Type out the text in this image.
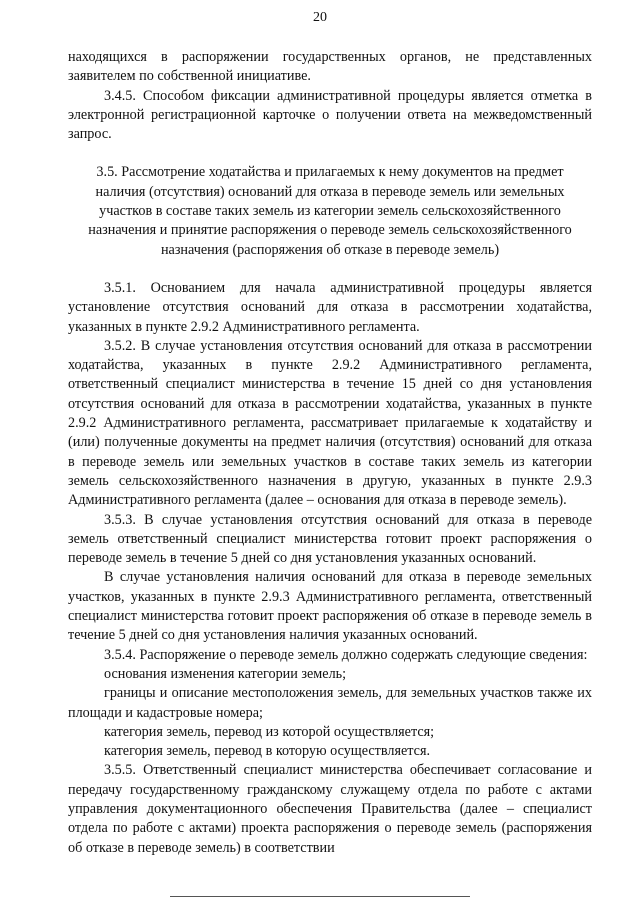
20

находящихся в распоряжении государственных органов, не представленных заявителем по собственной инициативе.

3.4.5. Способом фиксации административной процедуры является отметка в электронной регистрационной карточке о получении ответа на межведомственный запрос.

3.5. Рассмотрение ходатайства и прилагаемых к нему документов на предмет наличия (отсутствия) оснований для отказа в переводе земель или земельных участков в составе таких земель из категории земель сельскохозяйственного назначения и принятие распоряжения о переводе земель сельскохозяйственного назначения (распоряжения об отказе в переводе земель)

3.5.1. Основанием для начала административной процедуры является установление отсутствия оснований для отказа в рассмотрении ходатайства, указанных в пункте 2.9.2 Административного регламента.

3.5.2. В случае установления отсутствия оснований для отказа в рассмотрении ходатайства, указанных в пункте 2.9.2 Административного регламента, ответственный специалист министерства в течение 15 дней со дня установления отсутствия оснований для отказа в рассмотрении ходатайства, указанных в пункте 2.9.2 Административного регламента, рассматривает прилагаемые к ходатайству и (или) полученные документы на предмет наличия (отсутствия) оснований для отказа в переводе земель или земельных участков в составе таких земель из категории земель сельскохозяйственного назначения в другую, указанных в пункте 2.9.3 Административного регламента (далее – основания для отказа в переводе земель).

3.5.3. В случае установления отсутствия оснований для отказа в переводе земель ответственный специалист министерства готовит проект распоряжения о переводе земель в течение 5 дней со дня установления указанных оснований.

В случае установления наличия оснований для отказа в переводе земельных участков, указанных в пункте 2.9.3 Административного регламента, ответственный специалист министерства готовит проект распоряжения об отказе в переводе земель в течение 5 дней со дня установления наличия указанных оснований.

3.5.4. Распоряжение о переводе земель должно содержать следующие сведения:

основания изменения категории земель;

границы и описание местоположения земель, для земельных участков также их площади и кадастровые номера;

категория земель, перевод из которой осуществляется;

категория земель, перевод в которую осуществляется.

3.5.5. Ответственный специалист министерства обеспечивает согласование и передачу государственному гражданскому служащему отдела по работе с актами управления документационного обеспечения Правительства (далее – специалист отдела по работе с актами) проекта распоряжения о переводе земель (распоряжения об отказе в переводе земель) в соответствии
